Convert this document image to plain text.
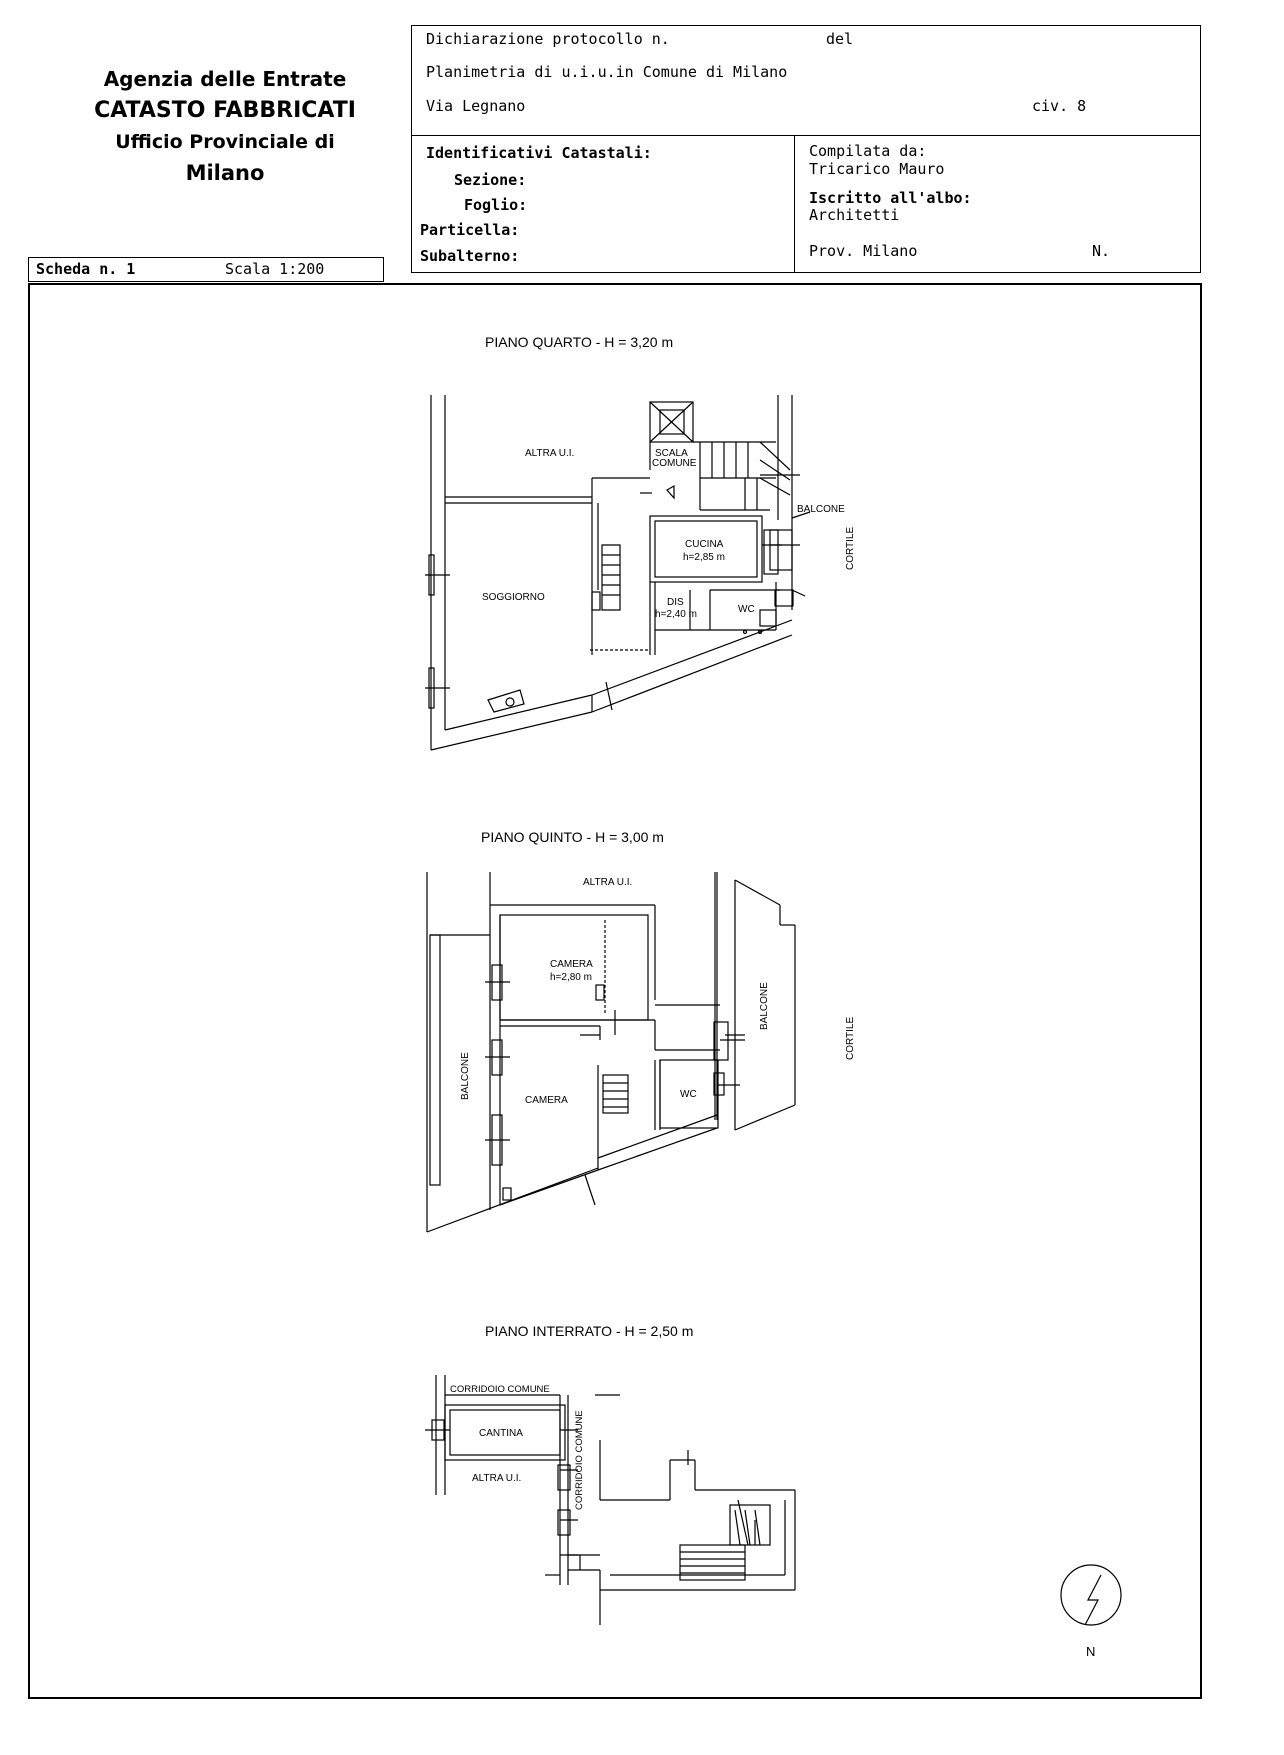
Agenzia delle Entrate
CATASTO FABBRICATI
Ufficio Provinciale di
Milano
Dichiarazione protocollo n.	del
Planimetria di u.i.u.in Comune di Milano
Via Legnano	civ. 8
Identificativi Catastali:
Sezione:
Foglio:
Particella:
Subalterno:
Compilata da:
Tricarico Mauro
Iscritto all'albo:
Architetti
Prov. Milano	N.
Scheda n. 1	Scala 1:200
PIANO QUARTO - H = 3,20 m
PIANO QUINTO - H = 3,00 m
PIANO INTERRATO - H = 2,50 m
ALTRA U.I.	SCALA
COMUNE
BALCONE
CUCINA
h=2,85 m
SOGGIORNO	DIS
h=2,40 m	WC
CORTILE
ALTRA U.I.
CAMERA
h=2,80 m
BALCONE
CORTILE
BALCONE	WC
CAMERA
CORRIDOIO COMUNE
CANTINA	CORRIDOIO COMUNE
ALTRA U.I.
N
